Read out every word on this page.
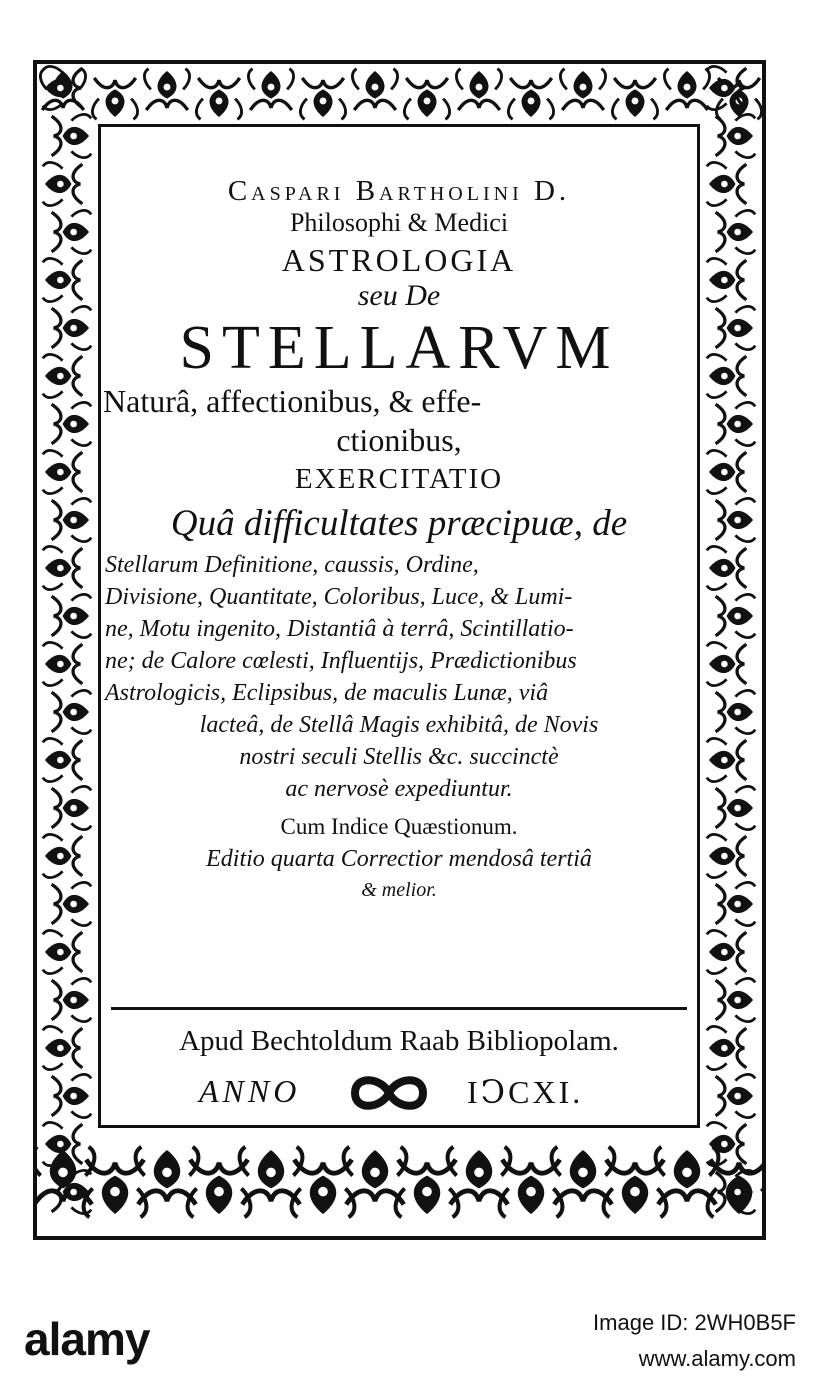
Caspari Bartholini D.
Philosophi & Medici
ASTROLOGIA
seu De
STELLARVM
Naturâ, affectionibus, & effe-
ctionibus,
EXERCITATIO
Quâ difficultates præcipuæ, de
Stellarum Definitione, caussis, Ordine,
Divisione, Quantitate, Coloribus, Luce, & Lumi-
ne, Motu ingenito, Distantiâ à terrâ, Scintillatio-
ne; de Calore cœlesti, Influentijs, Prædictionibus
Astrologicis, Eclipsibus, de maculis Lunæ, viâ
lacteâ, de Stellâ Magis exhibitâ, de Novis
nostri seculi Stellis &c. succinctè
ac nervosè expediuntur.
Cum Indice Quæstionum.
Editio quarta Correctior mendosâ tertiâ
& melior.
Apud Bechtoldum Raab Bibliopolam.
ANNO	IↃCXI.
alamy	Image ID: 2WH0B5F
www.alamy.com
